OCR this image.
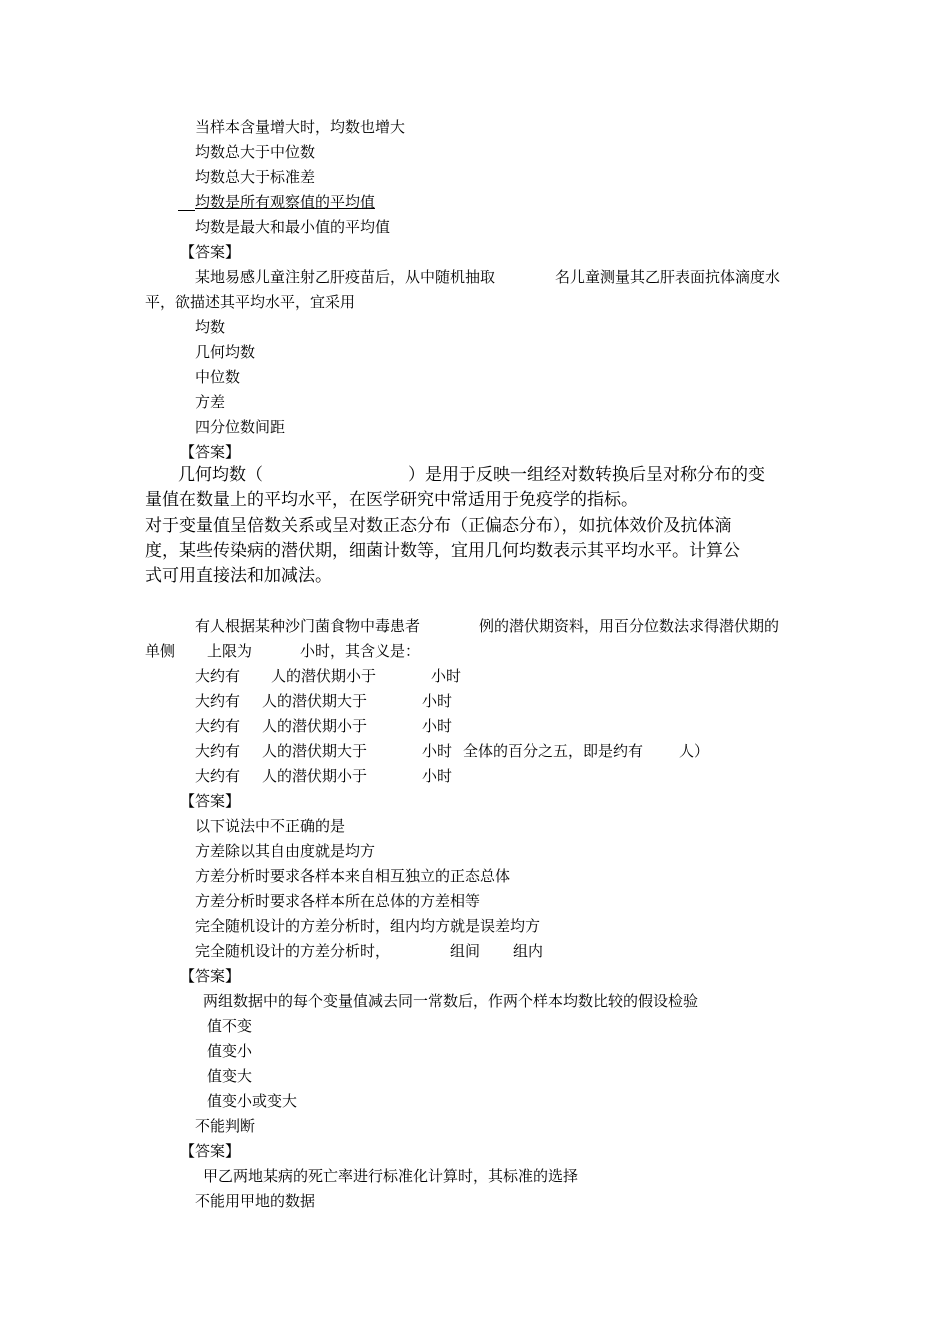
当样本含量增大时，均数也增大
均数总大于中位数
均数总大于标准差
均数是所有观察值的平均值
均数是最大和最小值的平均值
【答案】
某地易感儿童注射乙肝疫苗后，从中随机抽取	名儿童测量其乙肝表面抗体滴度水
平，欲描述其平均水平，宜采用
均数
几何均数
中位数
方差
四分位数间距
【答案】
几何均数（	）是用于反映一组经对数转换后呈对称分布的变
量值在数量上的平均水平，在医学研究中常适用于免疫学的指标。
对于变量值呈倍数关系或呈对数正态分布（正偏态分布），如抗体效价及抗体滴
度，某些传染病的潜伏期，细菌计数等，宜用几何均数表示其平均水平。计算公
式可用直接法和加减法。
有人根据某种沙门菌食物中毒患者	例的潜伏期资料，用百分位数法求得潜伏期的
单侧 上限为	小时，其含义是：
大约有 人的潜伏期小于	小时
大约有 人的潜伏期大于	小时
大约有 人的潜伏期小于	小时
大约有 人的潜伏期大于	小时 全体的百分之五，即是约有 人）
大约有 人的潜伏期小于	小时
【答案】
以下说法中不正确的是
方差除以其自由度就是均方
方差分析时要求各样本来自相互独立的正态总体
方差分析时要求各样本所在总体的方差相等
完全随机设计的方差分析时，组内均方就是误差均方
完全随机设计的方差分析时，	组间 组内
【答案】
两组数据中的每个变量值减去同一常数后，作两个样本均数比较的假设检验
值不变
值变小
值变大
值变小或变大
不能判断
【答案】
甲乙两地某病的死亡率进行标准化计算时，其标准的选择
不能用甲地的数据
